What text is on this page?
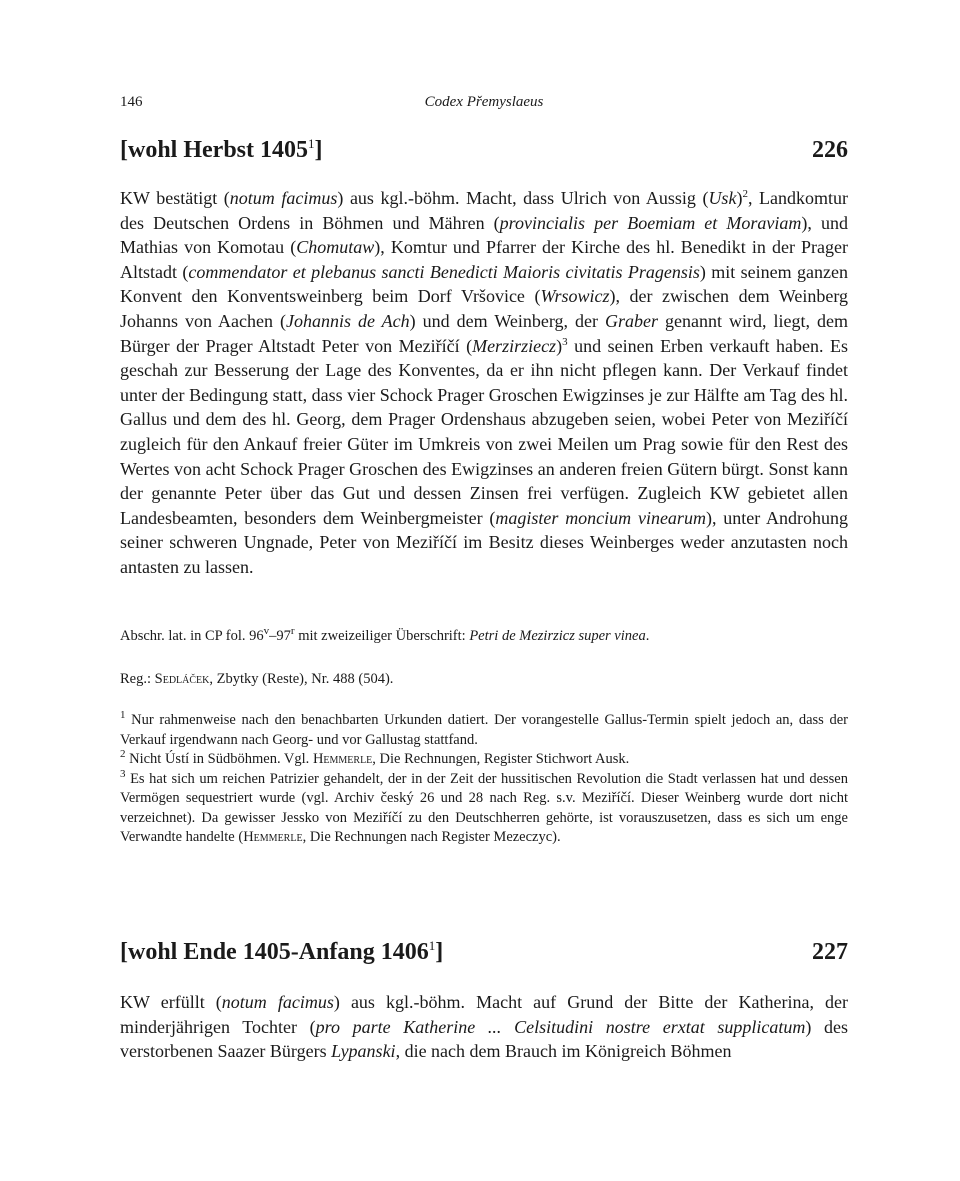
146	Codex Přemyslaeus
[wohl Herbst 1405$^1$]	226
KW bestätigt (notum facimus) aus kgl.-böhm. Macht, dass Ulrich von Aussig (Usk)$^2$, Landkomtur des Deutschen Ordens in Böhmen und Mähren (provincialis per Boemiam et Moraviam), und Mathias von Komotau (Chomutaw), Komtur und Pfarrer der Kirche des hl. Benedikt in der Prager Altstadt (commendator et plebanus sancti Benedicti Maioris civitatis Pragensis) mit seinem ganzen Konvent den Konventsweinberg beim Dorf Vršovice (Wrsowicz), der zwischen dem Weinberg Johanns von Aachen (Johannis de Ach) und dem Weinberg, der Graber genannt wird, liegt, dem Bürger der Prager Altstadt Peter von Meziříčí (Merzirziecz)$^3$ und seinen Erben verkauft haben. Es geschah zur Besserung der Lage des Konventes, da er ihn nicht pflegen kann. Der Verkauf findet unter der Bedingung statt, dass vier Schock Prager Groschen Ewigzinses je zur Hälfte am Tag des hl. Gallus und dem des hl. Georg, dem Prager Ordenshaus abzugeben seien, wobei Peter von Meziříčí zugleich für den Ankauf freier Güter im Umkreis von zwei Meilen um Prag sowie für den Rest des Wertes von acht Schock Prager Groschen des Ewigzinses an anderen freien Gütern bürgt. Sonst kann der genannte Peter über das Gut und dessen Zinsen frei verfügen. Zugleich KW gebietet allen Landesbeamten, besonders dem Weinbergmeister (magister moncium vinearum), unter Androhung seiner schweren Ungnade, Peter von Meziříčí im Besitz dieses Weinberges weder anzutasten noch antasten zu lassen.
Abschr. lat. in CP fol. 96$^v$–97$^r$ mit zweizeiliger Überschrift: Petri de Mezirzicz super vinea.
Reg.: Sedláček, Zbytky (Reste), Nr. 488 (504).

$^1$ Nur rahmenweise nach den benachbarten Urkunden datiert. Der vorangestelle Gallus-Termin spielt jedoch an, dass der Verkauf irgendwann nach Georg- und vor Gallustag stattfand.

$^2$ Nicht Ústí in Südböhmen. Vgl. Hemmerle, Die Rechnungen, Register Stichwort Ausk.

$^3$ Es hat sich um reichen Patrizier gehandelt, der in der Zeit der hussitischen Revolution die Stadt verlassen hat und dessen Vermögen sequestriert wurde (vgl. Archiv český 26 und 28 nach Reg. s.v. Meziříčí. Dieser Weinberg wurde dort nicht verzeichnet). Da gewisser Jessko von Meziříčí zu den Deutschherren gehörte, ist vorauszusetzen, dass es sich um enge Verwandte handelte (Hemmerle, Die Rechnungen nach Register Mezeczyc).

[wohl Ende 1405-Anfang 1406$^1$]	227
KW erfüllt (notum facimus) aus kgl.-böhm. Macht auf Grund der Bitte der Katherina, der minderjährigen Tochter (pro parte Katherine ... Celsitudini nostre erxtat supplicatum) des verstorbenen Saazer Bürgers Lypanski, die nach dem Brauch im Königreich Böhmen
